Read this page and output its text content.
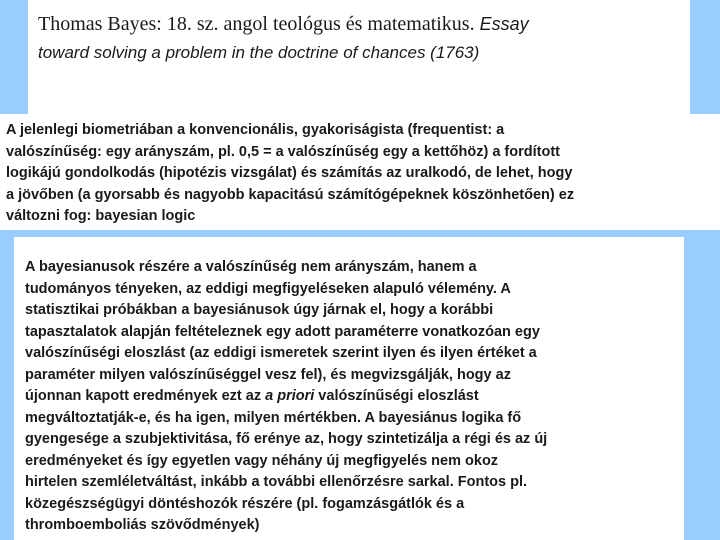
Thomas Bayes: 18. sz. angol teológus és matematikus. Essay
toward solving a problem in the doctrine of chances (1763)

A jelenlegi biometriában a konvencionális, gyakoriságista (frequentist: a
valószínűség: egy arányszám, pl. 0,5 = a valószínűség egy a kettőhöz) a fordított
logikájú gondolkodás (hipotézis vizsgálat) és számítás az uralkodó, de lehet, hogy
a jövőben (a gyorsabb és nagyobb kapacitású számítógépeknek köszönhetően) ez
változni fog: bayesian logic

A bayesianusok részére a valószínűség nem arányszám, hanem a
tudományos tényeken, az eddigi megfigyeléseken alapuló vélemény. A
statisztikai próbákban a bayesiánusok úgy járnak el, hogy a korábbi
tapasztalatok alapján feltételeznek egy adott paraméterre vonatkozóan egy
valószínűségi eloszlást (az eddigi ismeretek szerint ilyen és ilyen értéket a
paraméter milyen valószínűséggel vesz fel), és megvizsgálják, hogy az
újonnan kapott eredmények ezt az a priori valószínűségi eloszlást
megváltoztatják-e, és ha igen, milyen mértékben. A bayesiánus logika fő
gyengesége a szubjektivitása, fő erénye az, hogy szintetizálja a régi és az új
eredményeket és így egyetlen vagy néhány új megfigyelés nem okoz
hirtelen szemléletváltást, inkább a további ellenőrzésre sarkal. Fontos pl.
közegészségügyi döntéshozók részére (pl. fogamzásgátlók és a
thromboemboliás szövődmények)
